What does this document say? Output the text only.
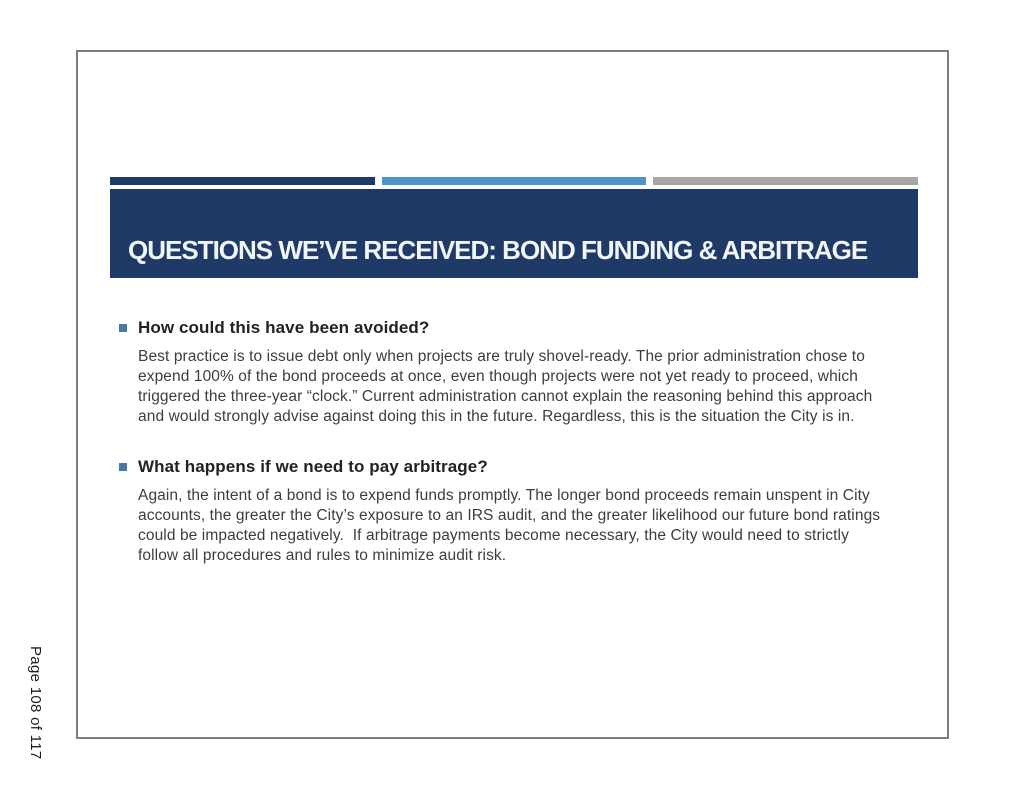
Page 108 of 117
QUESTIONS WE’VE RECEIVED: BOND FUNDING & ARBITRAGE
How could this have been avoided?
Best practice is to issue debt only when projects are truly shovel-ready. The prior administration chose to
expend 100% of the bond proceeds at once, even though projects were not yet ready to proceed, which
triggered the three-year “clock.” Current administration cannot explain the reasoning behind this approach
and would strongly advise against doing this in the future. Regardless, this is the situation the City is in.
What happens if we need to pay arbitrage?
Again, the intent of a bond is to expend funds promptly. The longer bond proceeds remain unspent in City
accounts, the greater the City’s exposure to an IRS audit, and the greater likelihood our future bond ratings
could be impacted negatively.  If arbitrage payments become necessary, the City would need to strictly
follow all procedures and rules to minimize audit risk.
